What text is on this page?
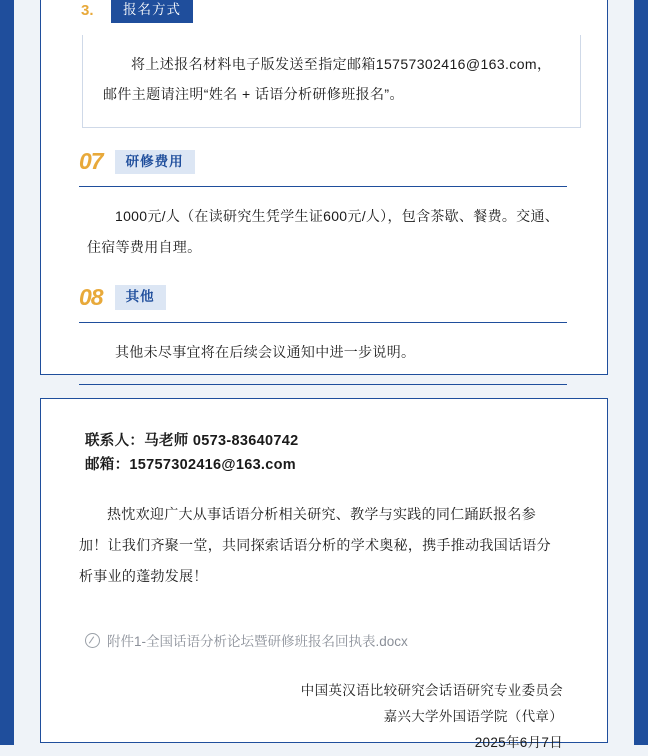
3.	报名方式

将上述报名材料电子版发送至指定邮箱15757302416@163.com，邮件主题请注明“姓名 + 话语分析研修班报名”。

07	研修费用

1000元/人（在读研究生凭学生证600元/人），包含茶歇、餐费。交通、住宿等费用自理。

08	其他

其他未尽事宜将在后续会议通知中进一步说明。

联系人：马老师 0573-83640742
邮箱：15757302416@163.com
热忱欢迎广大从事话语分析相关研究、教学与实践的同仁踊跃报名参加！让我们齐聚一堂，共同探索话语分析的学术奥秘，携手推动我国话语分析事业的蓬勃发展！
附件1-全国话语分析论坛暨研修班报名回执表.docx
中国英汉语比较研究会话语研究专业委员会
嘉兴大学外国语学院（代章）
2025年6月7日
